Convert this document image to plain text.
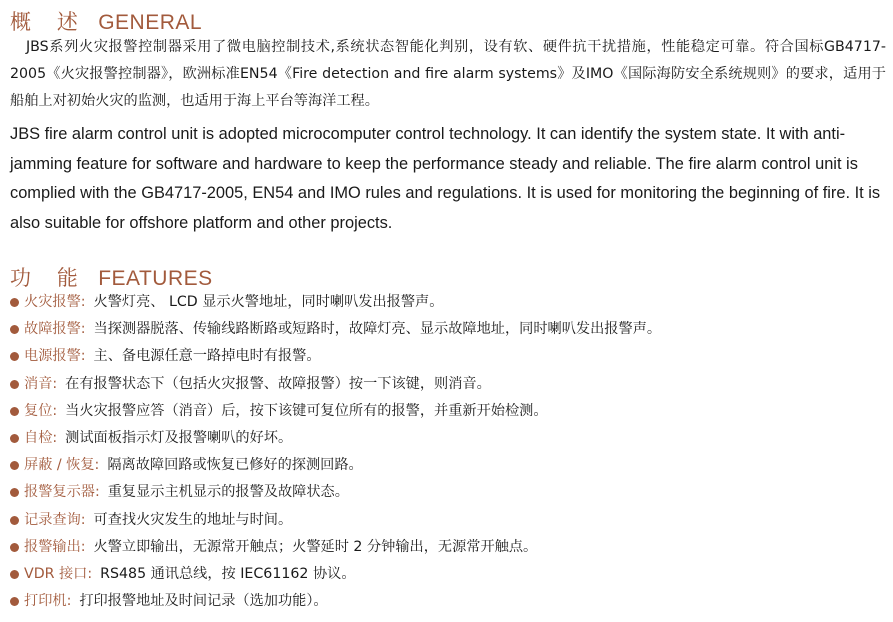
概 述 GENERAL
JBS系列火灾报警控制器采用了微电脑控制技术,系统状态智能化判别，设有软、硬件抗干扰措施，性能稳定可靠。符合国标GB4717-2005《火灾报警控制器》，欧洲标准EN54《Fire detection and fire alarm systems》及IMO《国际海防安全系统规则》的要求，适用于船舶上对初始火灾的监测，也适用于海上平台等海洋工程。
JBS fire alarm control unit is adopted microcomputer control technology. It can identify the system state. It with anti-jamming feature for software and hardware to keep the performance steady and reliable. The fire alarm control unit is complied with the GB4717-2005, EN54 and IMO rules and regulations. It is used for monitoring the beginning of fire. It is also suitable for offshore platform and other projects.
功 能 FEATURES
火灾报警: 火警灯亮、 LCD 显示火警地址，同时喇叭发出报警声。
故障报警: 当探测器脱落、传输线路断路或短路时，故障灯亮、显示故障地址，同时喇叭发出报警声。
电源报警: 主、备电源任意一路掉电时有报警。
消音: 在有报警状态下（包括火灾报警、故障报警）按一下该键，则消音。
复位: 当火灾报警应答（消音）后，按下该键可复位所有的报警，并重新开始检测。
自检: 测试面板指示灯及报警喇叭的好坏。
屏蔽 / 恢复: 隔离故障回路或恢复已修好的探测回路。
报警复示器: 重复显示主机显示的报警及故障状态。
记录查询: 可查找火灾发生的地址与时间。
报警输出: 火警立即输出，无源常开触点；火警延时 2 分钟输出，无源常开触点。
VDR 接口: RS485 通讯总线，按 IEC61162 协议。
打印机: 打印报警地址及时间记录（选加功能）。
